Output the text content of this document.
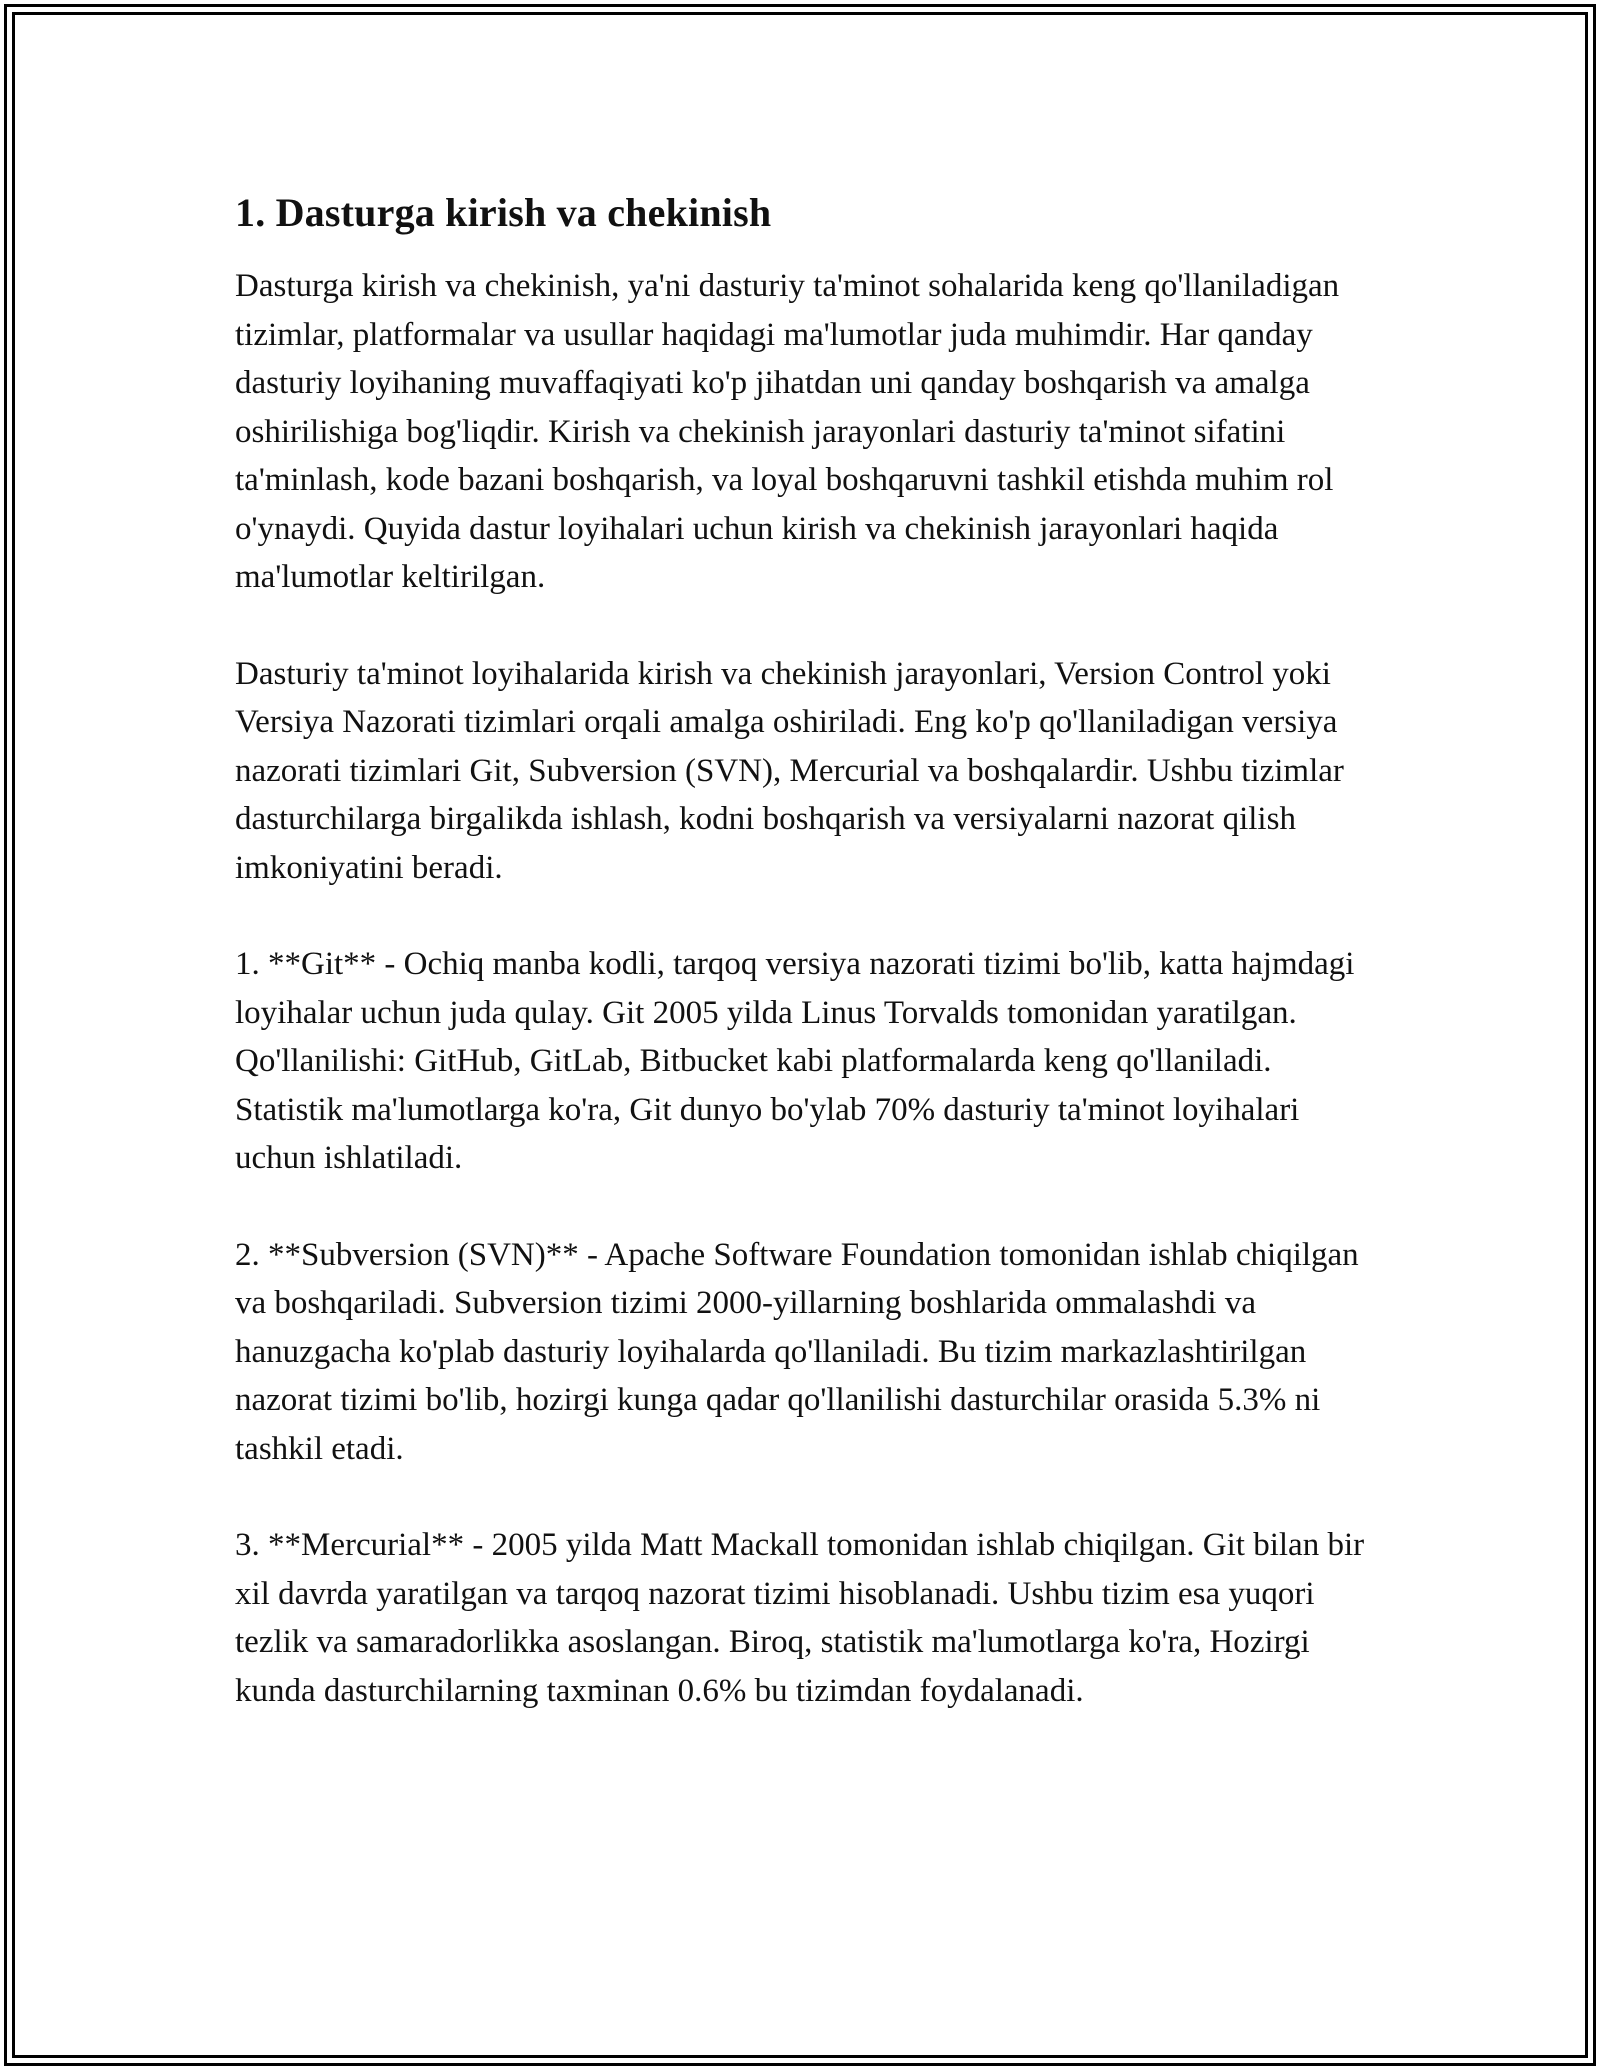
1. Dasturga kirish va chekinish

Dasturga kirish va chekinish, ya'ni dasturiy ta'minot sohalarida keng qo'llaniladigan tizimlar, platformalar va usullar haqidagi ma'lumotlar juda muhimdir. Har qanday dasturiy loyihaning muvaffaqiyati ko'p jihatdan uni qanday boshqarish va amalga oshirilishiga bog'liqdir. Kirish va chekinish jarayonlari dasturiy ta'minot sifatini ta'minlash, kode bazani boshqarish, va loyal boshqaruvni tashkil etishda muhim rol o'ynaydi. Quyida dastur loyihalari uchun kirish va chekinish jarayonlari haqida ma'lumotlar keltirilgan.

Dasturiy ta'minot loyihalarida kirish va chekinish jarayonlari, Version Control yoki Versiya Nazorati tizimlari orqali amalga oshiriladi. Eng ko'p qo'llaniladigan versiya nazorati tizimlari Git, Subversion (SVN), Mercurial va boshqalardir. Ushbu tizimlar dasturchilarga birgalikda ishlash, kodni boshqarish va versiyalarni nazorat qilish imkoniyatini beradi.

1. **Git** - Ochiq manba kodli, tarqoq versiya nazorati tizimi bo'lib, katta hajmdagi loyihalar uchun juda qulay. Git 2005 yilda Linus Torvalds tomonidan yaratilgan. Qo'llanilishi: GitHub, GitLab, Bitbucket kabi platformalarda keng qo'llaniladi. Statistik ma'lumotlarga ko'ra, Git dunyo bo'ylab 70% dasturiy ta'minot loyihalari uchun ishlatiladi.

2. **Subversion (SVN)** - Apache Software Foundation tomonidan ishlab chiqilgan va boshqariladi. Subversion tizimi 2000-yillarning boshlarida ommalashdi va hanuzgacha ko'plab dasturiy loyihalarda qo'llaniladi. Bu tizim markazlashtirilgan nazorat tizimi bo'lib, hozirgi kunga qadar qo'llanilishi dasturchilar orasida 5.3% ni tashkil etadi.

3. **Mercurial** - 2005 yilda Matt Mackall tomonidan ishlab chiqilgan. Git bilan bir xil davrda yaratilgan va tarqoq nazorat tizimi hisoblanadi. Ushbu tizim esa yuqori tezlik va samaradorlikka asoslangan. Biroq, statistik ma'lumotlarga ko'ra, Hozirgi kunda dasturchilarning taxminan 0.6% bu tizimdan foydalanadi.
